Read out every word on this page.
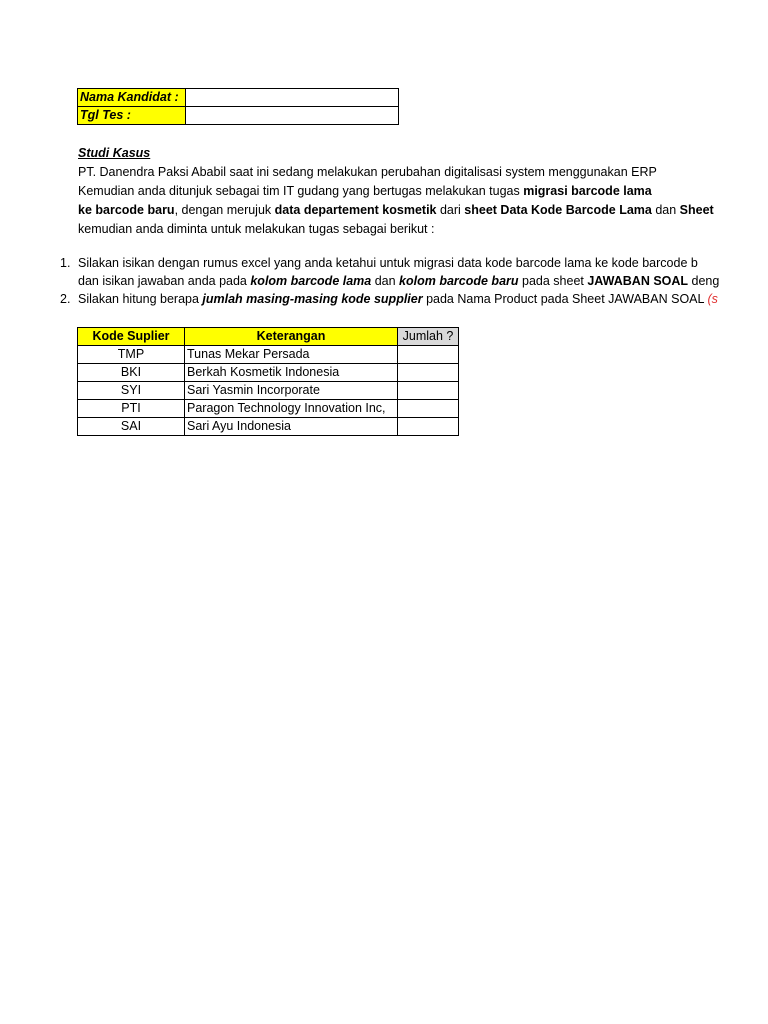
Nama Kandidat :	
Tgl Tes :	
Studi Kasus
PT. Danendra Paksi Ababil saat ini sedang melakukan perubahan digitalisasi system menggunakan ERP
Kemudian anda ditunjuk sebagai tim IT gudang yang bertugas melakukan tugas migrasi barcode lama
ke barcode baru, dengan merujuk data departement kosmetik dari sheet Data Kode Barcode Lama dan Sheet
kemudian anda diminta untuk melakukan tugas sebagai berikut :
1. Silakan isikan dengan rumus excel yang anda ketahui untuk migrasi data kode barcode lama ke kode barcode b
dan isikan jawaban anda pada kolom barcode lama dan kolom barcode baru pada sheet JAWABAN SOAL deng
2. Silakan hitung berapa jumlah masing-masing kode supplier pada Nama Product pada Sheet JAWABAN SOAL (s
Kode Suplier	Keterangan	Jumlah ?
TMP	Tunas Mekar Persada	
BKI	Berkah Kosmetik Indonesia	
SYI	Sari Yasmin Incorporate	
PTI	Paragon Technology Innovation Inc,	
SAI	Sari Ayu Indonesia	
